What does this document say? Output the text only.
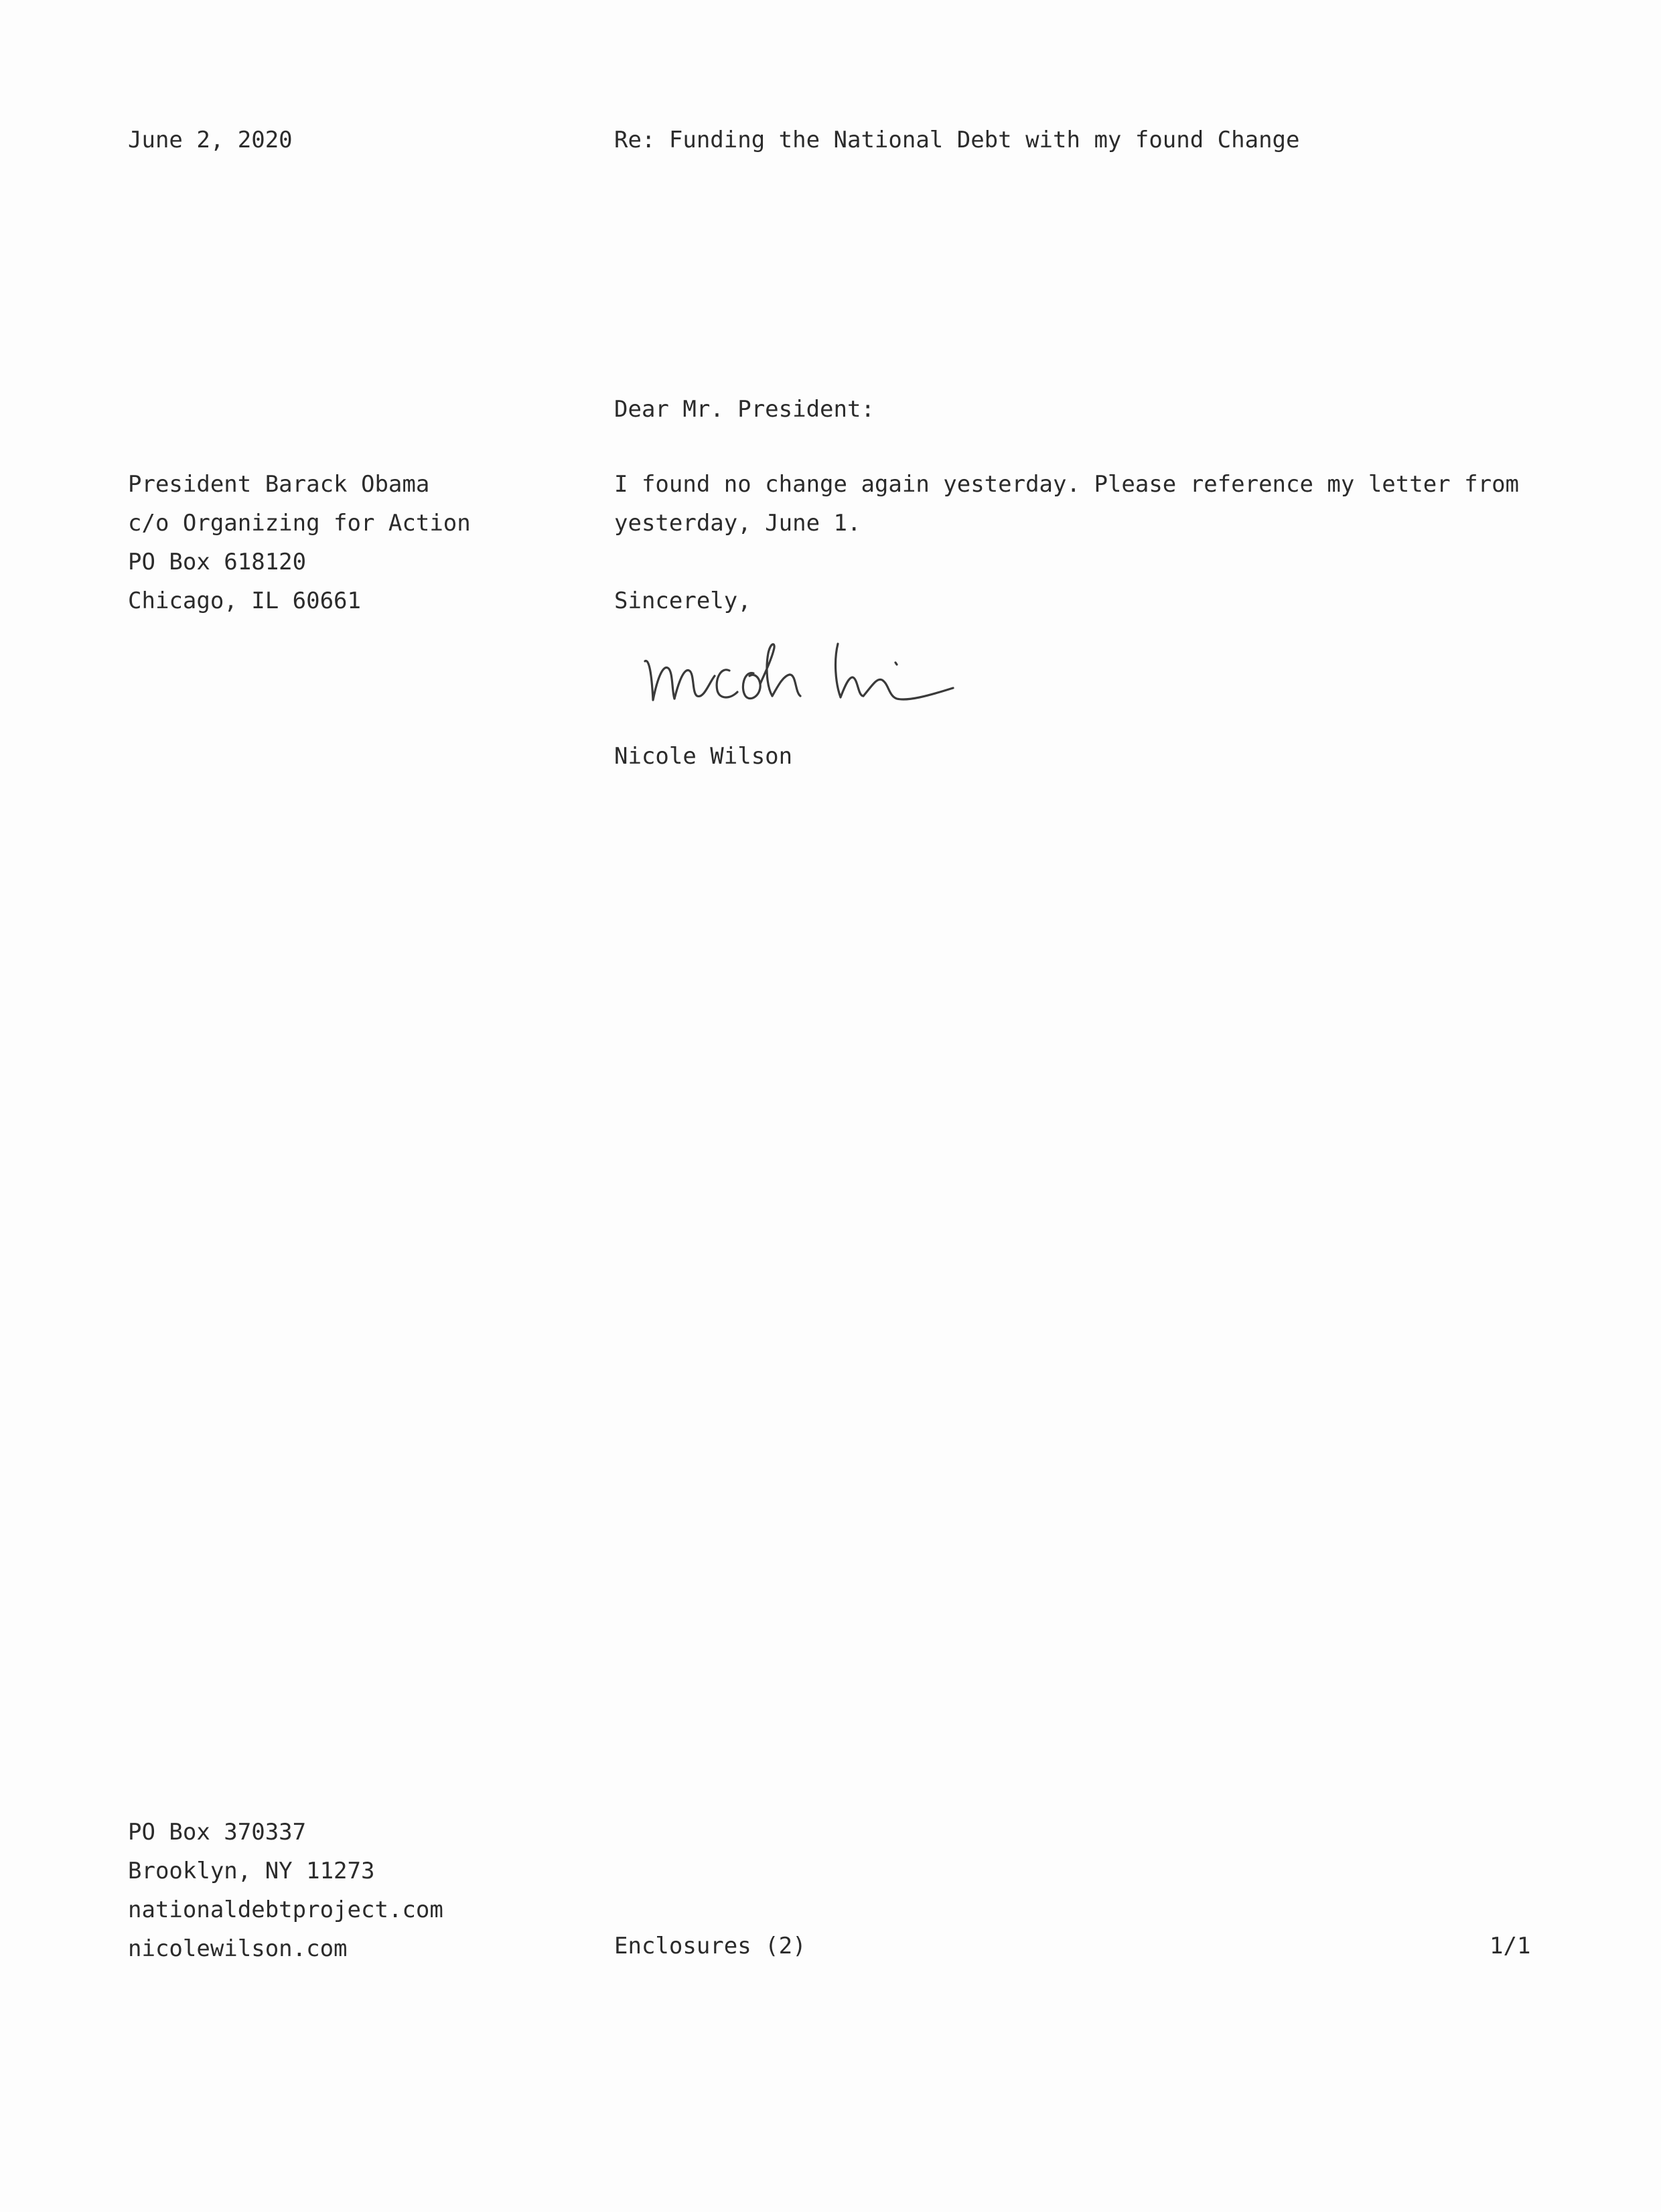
June 2, 2020	Re: Funding the National Debt with my found Change
Dear Mr. President:
President Barack Obama
c/o Organizing for Action
PO Box 618120
Chicago, IL 60661
I found no change again yesterday. Please reference my letter from
yesterday, June 1.
Sincerely,
Nicole Wilson
PO Box 370337
Brooklyn, NY 11273
nationaldebtproject.com
nicolewilson.com	Enclosures (2)	1/1
